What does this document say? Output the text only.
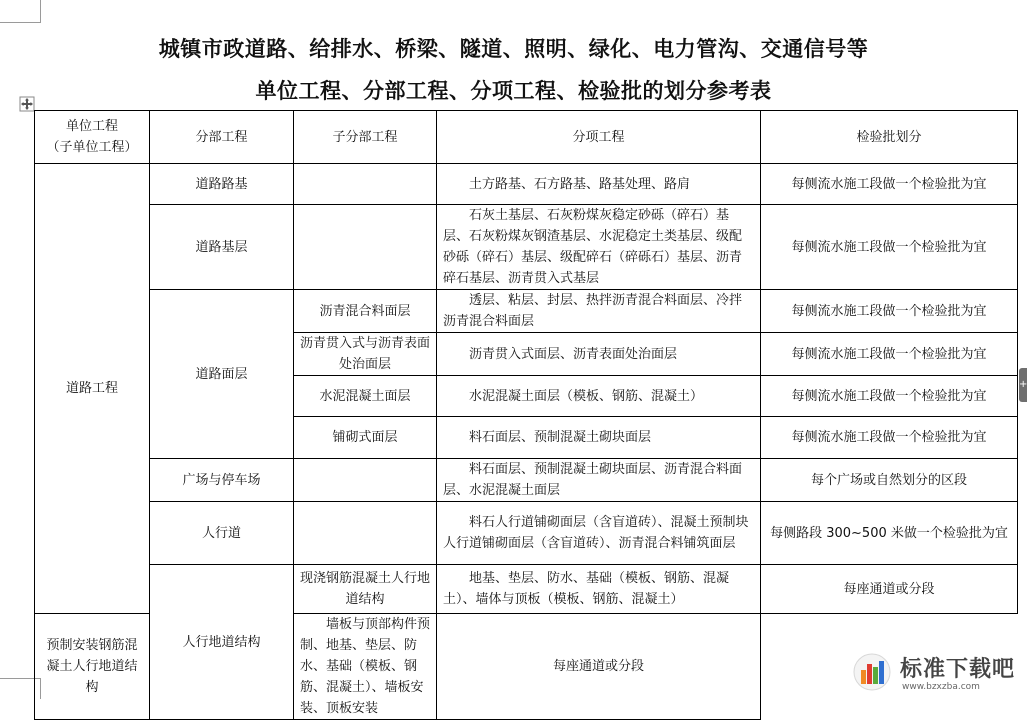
城镇市政道路、给排水、桥梁、隧道、照明、绿化、电力管沟、交通信号等
单位工程、分部工程、分项工程、检验批的划分参考表
单位工程
（子单位工程）	分部工程	子分部工程	分项工程	检验批划分
道路工程	道路路基		土方路基、石方路基、路基处理、路肩	每侧流水施工段做一个检验批为宜
	道路基层		石灰土基层、石灰粉煤灰稳定砂砾（碎石）基层、石灰粉煤灰钢渣基层、水泥稳定土类基层、级配砂砾（碎石）基层、级配碎石（碎砾石）基层、沥青碎石基层、沥青贯入式基层	每侧流水施工段做一个检验批为宜
	道路面层	沥青混合料面层	透层、粘层、封层、热拌沥青混合料面层、冷拌沥青混合料面层	每侧流水施工段做一个检验批为宜
		沥青贯入式与沥青表面处治面层	沥青贯入式面层、沥青表面处治面层	每侧流水施工段做一个检验批为宜
		水泥混凝土面层	水泥混凝土面层（模板、钢筋、混凝土）	每侧流水施工段做一个检验批为宜
		铺砌式面层	料石面层、预制混凝土砌块面层	每侧流水施工段做一个检验批为宜
	广场与停车场		料石面层、预制混凝土砌块面层、沥青混合料面层、水泥混凝土面层	每个广场或自然划分的区段
	人行道		料石人行道铺砌面层（含盲道砖）、混凝土预制块人行道铺砌面层（含盲道砖）、沥青混合料铺筑面层	每侧路段 300~500 米做一个检验批为宜
	人行地道结构	现浇钢筋混凝土人行地道结构	地基、垫层、防水、基础（模板、钢筋、混凝土）、墙体与顶板（模板、钢筋、混凝土）	每座通道或分段
预制安装钢筋混凝土人行地道结构		墙板与顶部构件预制、地基、垫层、防水、基础（模板、钢筋、混凝土）、墙板安装、顶板安装	每座通道或分段	
+
标准下载吧
www.bzxzba.com
